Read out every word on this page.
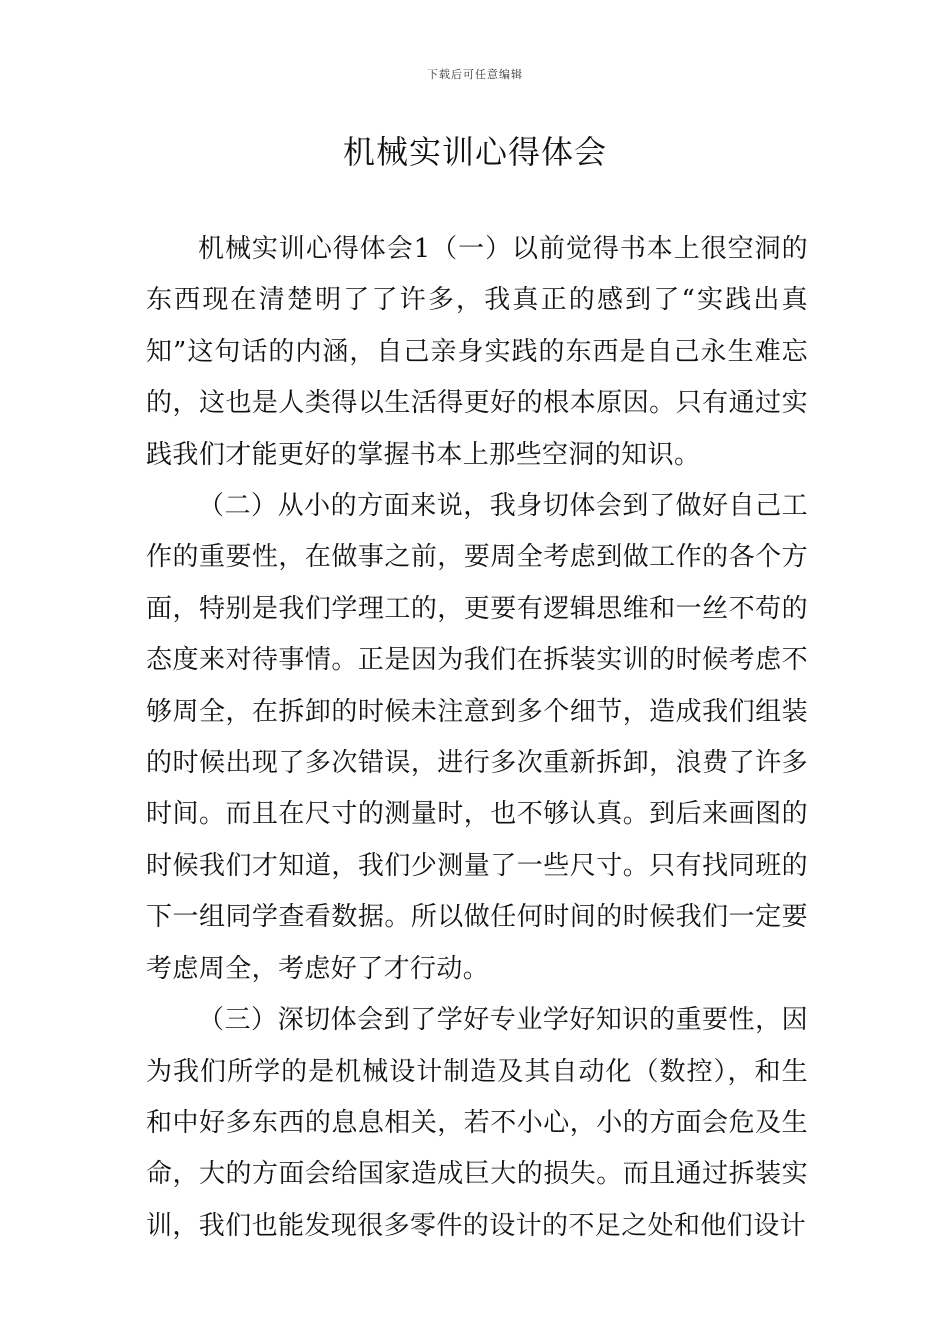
下载后可任意编辑
机械实训心得体会

机械实训心得体会1（一）以前觉得书本上很空洞的东西现在清楚明了了许多，我真正的感到了“实践出真知”这句话的内涵，自己亲身实践的东西是自己永生难忘的，这也是人类得以生活得更好的根本原因。只有通过实践我们才能更好的掌握书本上那些空洞的知识。

（二）从小的方面来说，我身切体会到了做好自己工作的重要性，在做事之前，要周全考虑到做工作的各个方面，特别是我们学理工的，更要有逻辑思维和一丝不苟的态度来对待事情。正是因为我们在拆装实训的时候考虑不够周全，在拆卸的时候未注意到多个细节，造成我们组装的时候出现了多次错误，进行多次重新拆卸，浪费了许多时间。而且在尺寸的测量时，也不够认真。到后来画图的时候我们才知道，我们少测量了一些尺寸。只有找同班的下一组同学查看数据。所以做任何时间的时候我们一定要考虑周全，考虑好了才行动。

（三）深切体会到了学好专业学好知识的重要性，因为我们所学的是机械设计制造及其自动化（数控），和生和中好多东西的息息相关，若不小心，小的方面会危及生命，大的方面会给国家造成巨大的损失。而且通过拆装实训，我们也能发现很多零件的设计的不足之处和他们设计
